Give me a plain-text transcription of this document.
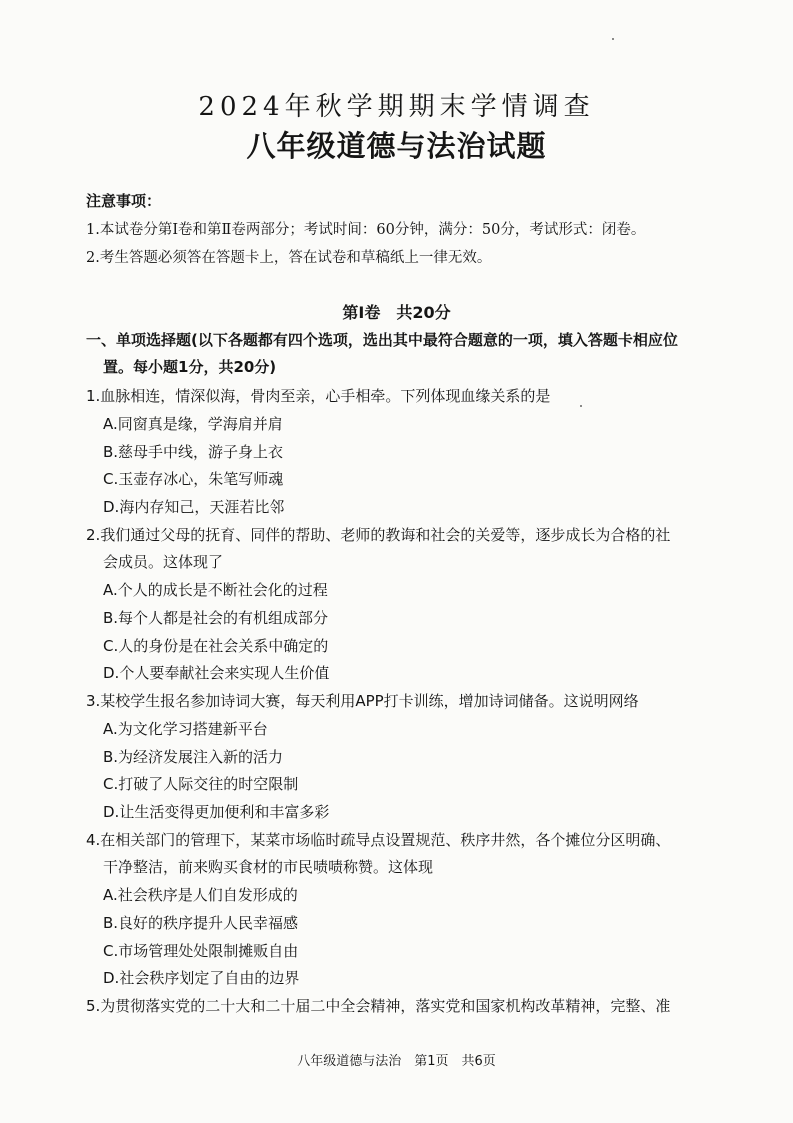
2024年秋学期期末学情调查
八年级道德与法治试题
注意事项：
1.本试卷分第Ⅰ卷和第Ⅱ卷两部分；考试时间：60分钟，满分：50分，考试形式：闭卷。
2.考生答题必须答在答题卡上，答在试卷和草稿纸上一律无效。
第Ⅰ卷　共20分
一、单项选择题(以下各题都有四个选项，选出其中最符合题意的一项，填入答题卡相应位
置。每小题1分，共20分)
1.血脉相连，情深似海，骨肉至亲，心手相牵。下列体现血缘关系的是
A.同窗真是缘，学海肩并肩
B.慈母手中线，游子身上衣
C.玉壶存冰心，朱笔写师魂
D.海内存知己，天涯若比邻
2.我们通过父母的抚育、同伴的帮助、老师的教诲和社会的关爱等，逐步成长为合格的社
会成员。这体现了
A.个人的成长是不断社会化的过程
B.每个人都是社会的有机组成部分
C.人的身份是在社会关系中确定的
D.个人要奉献社会来实现人生价值
3.某校学生报名参加诗词大赛，每天利用APP打卡训练，增加诗词储备。这说明网络
A.为文化学习搭建新平台
B.为经济发展注入新的活力
C.打破了人际交往的时空限制
D.让生活变得更加便利和丰富多彩
4.在相关部门的管理下，某菜市场临时疏导点设置规范、秩序井然，各个摊位分区明确、
干净整洁，前来购买食材的市民啧啧称赞。这体现
A.社会秩序是人们自发形成的
B.良好的秩序提升人民幸福感
C.市场管理处处限制摊贩自由
D.社会秩序划定了自由的边界
5.为贯彻落实党的二十大和二十届二中全会精神，落实党和国家机构改革精神，完整、准
八年级道德与法治　第1页　共6页
